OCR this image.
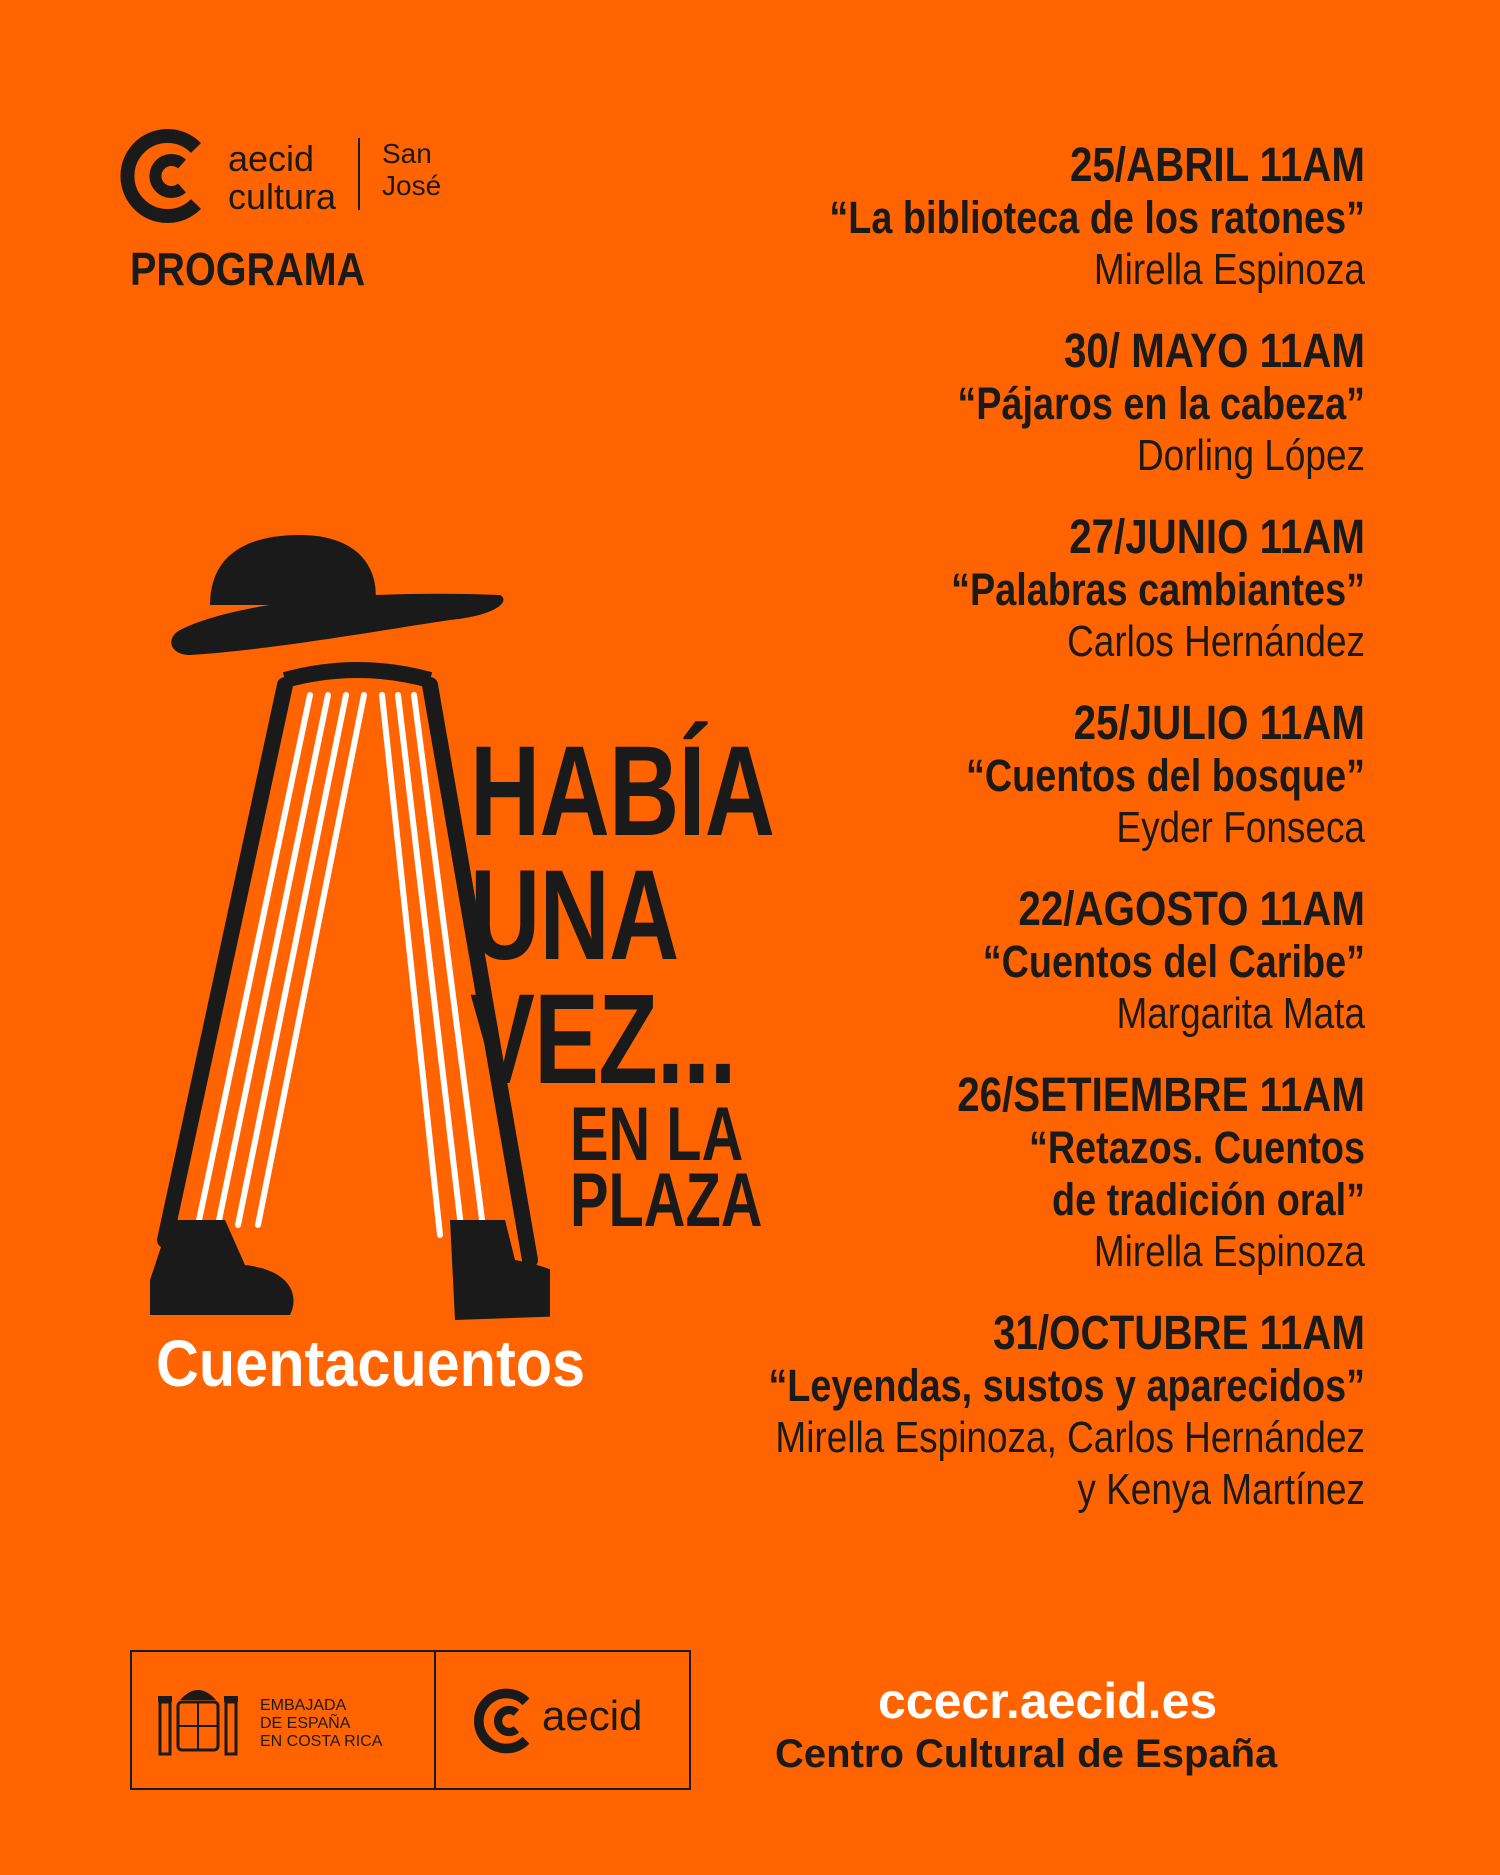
aecid
cultura
San José
PROGRAMA
HABÍA
UNA
VEZ...
EN LA
PLAZA
Cuentacuentos
25/ABRIL 11AM
“La biblioteca de los ratones”
Mirella Espinoza
30/ MAYO 11AM
“Pájaros en la cabeza”
Dorling López
27/JUNIO 11AM
“Palabras cambiantes”
Carlos Hernández
25/JULIO 11AM
“Cuentos del bosque”
Eyder Fonseca
22/AGOSTO 11AM
“Cuentos del Caribe”
Margarita Mata
26/SETIEMBRE 11AM
“Retazos. Cuentos
de tradición oral”
Mirella Espinoza
31/OCTUBRE 11AM
“Leyendas, sustos y aparecidos”
Mirella Espinoza, Carlos Hernández
y Kenya Martínez
EMBAJADA
DE ESPAÑA
EN COSTA RICA
aecid	ccecr.aecid.es
Centro Cultural de España
